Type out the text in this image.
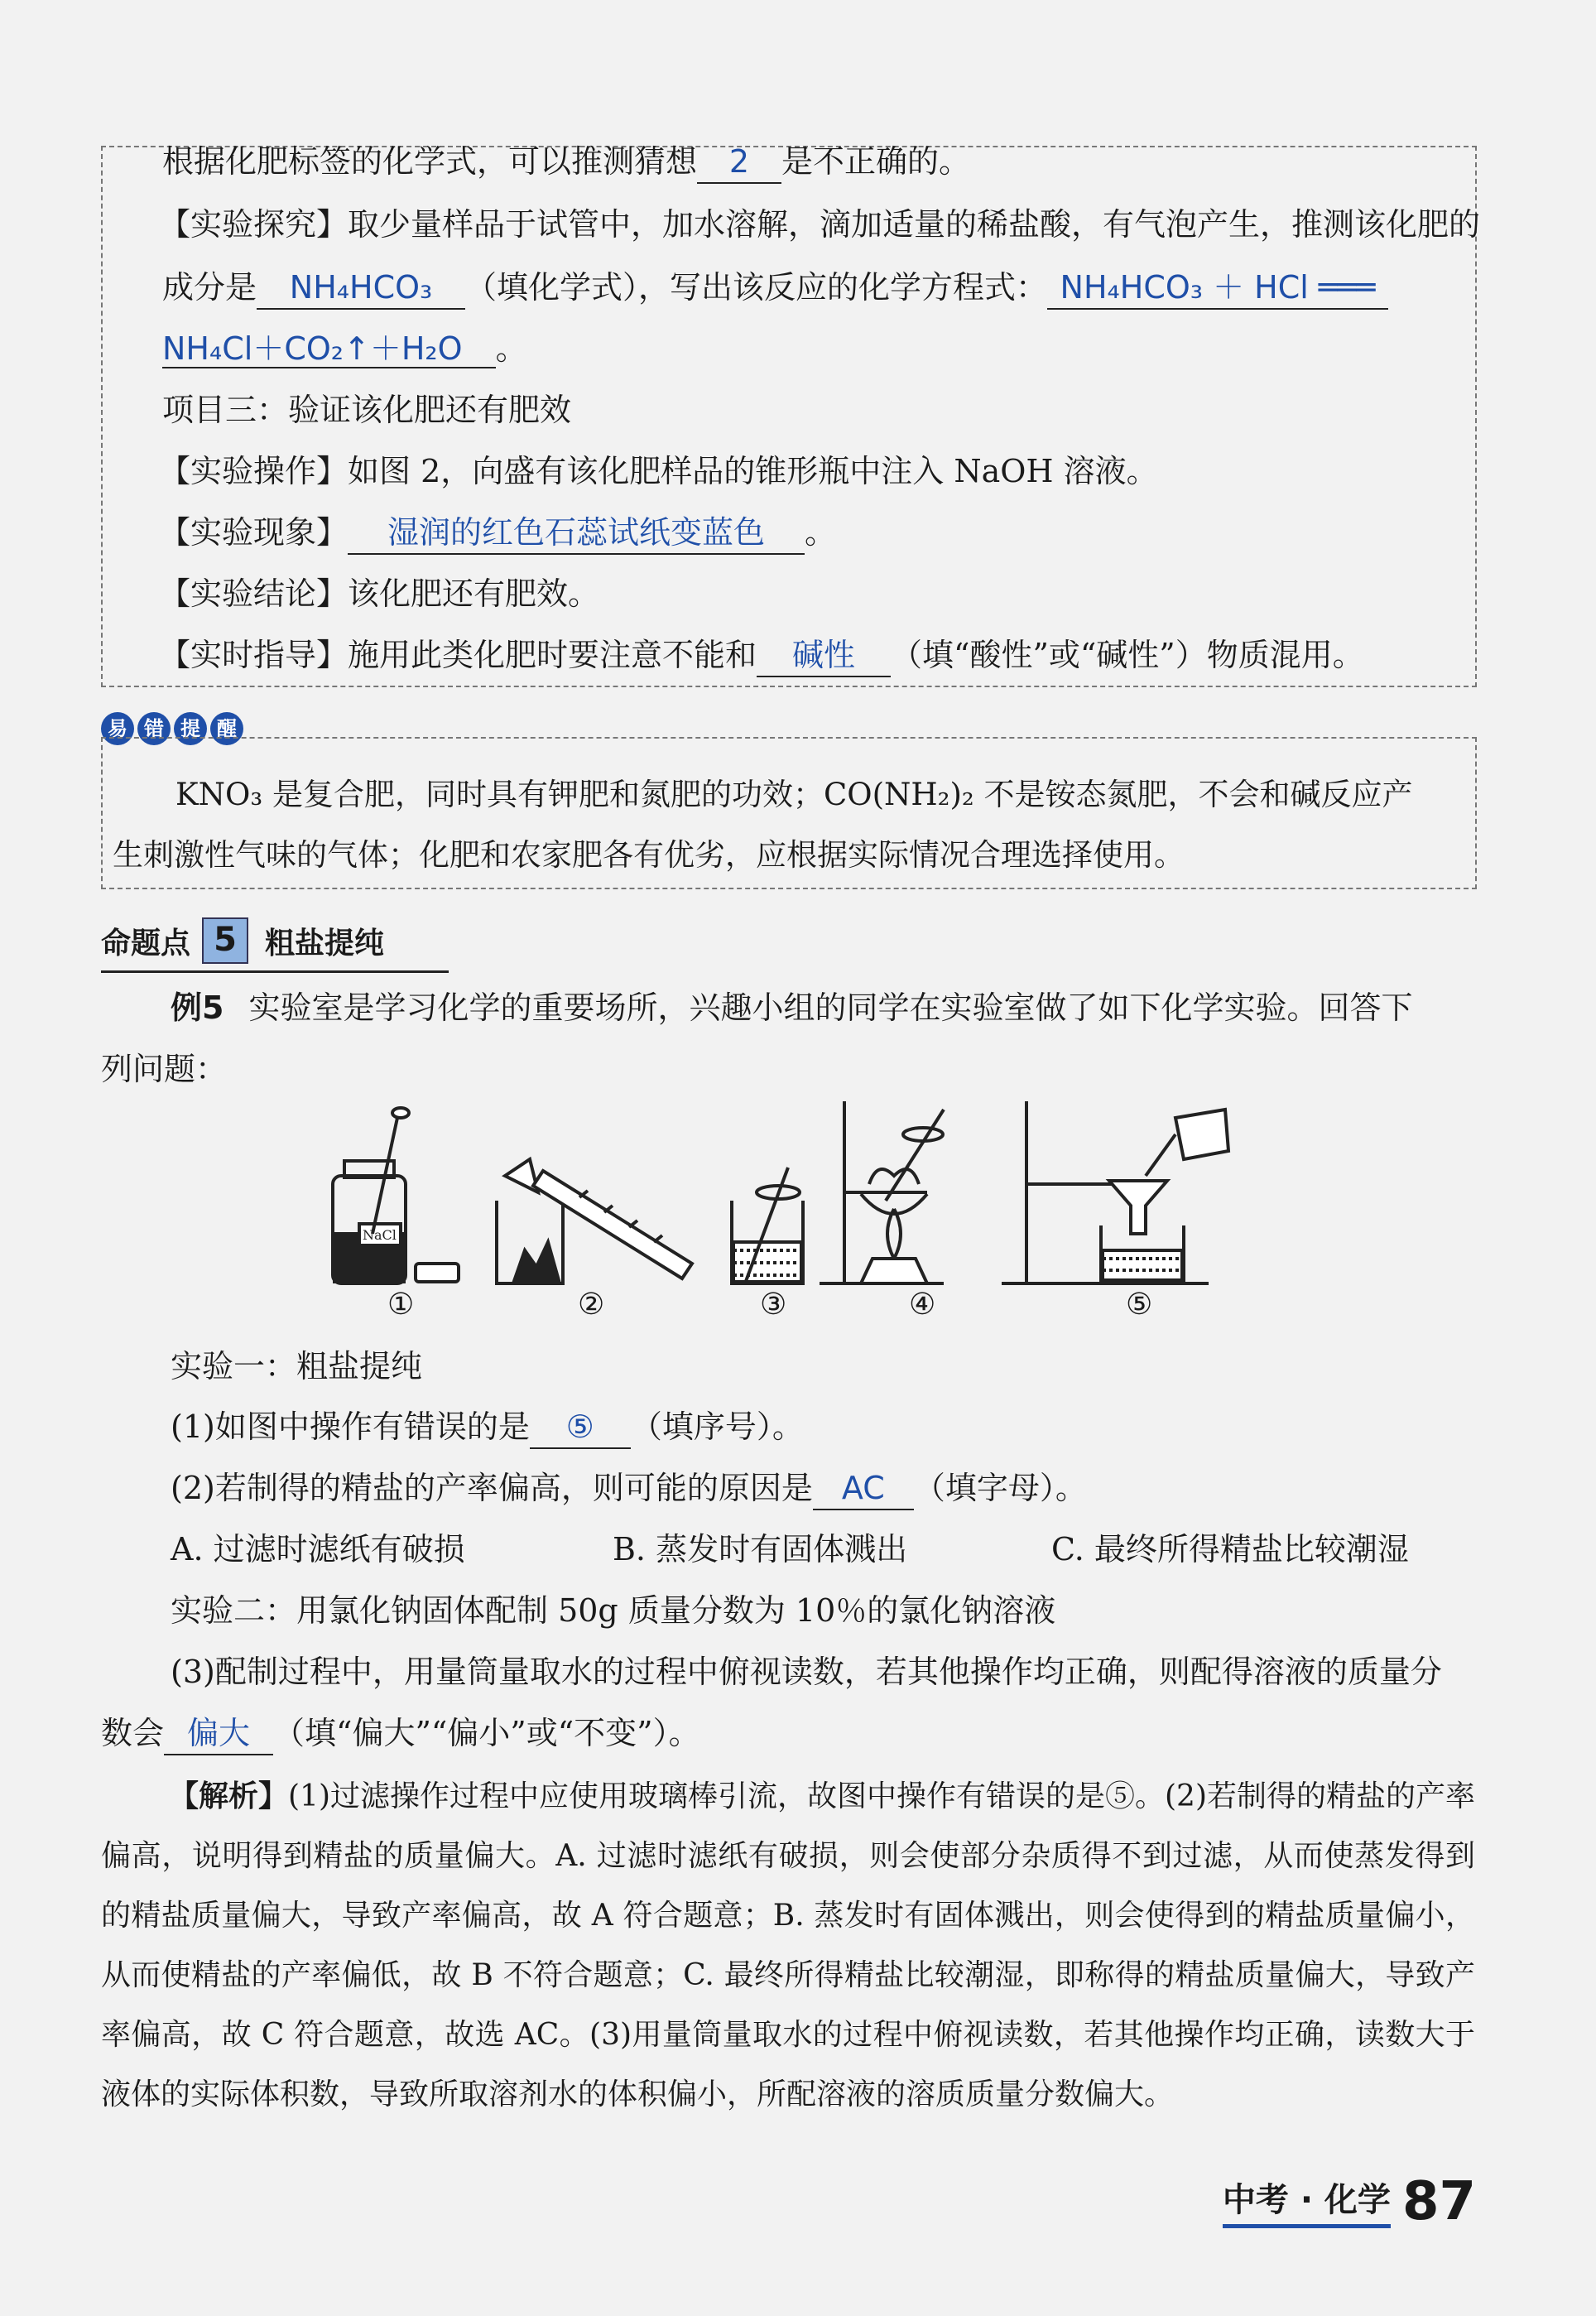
根据化肥标签的化学式，可以推测猜想 2 是不正确的。
【实验探究】取少量样品于试管中，加水溶解，滴加适量的稀盐酸，有气泡产生，推测该化肥的
成分是 NH₄HCO₃ （填化学式），写出该反应的化学方程式： NH₄HCO₃ ＋ HCl ═══
NH₄Cl＋CO₂↑＋H₂O 。
项目三：验证该化肥还有肥效
【实验操作】如图 2，向盛有该化肥样品的锥形瓶中注入 NaOH 溶液。
【实验现象】 湿润的红色石蕊试纸变蓝色 。
【实验结论】该化肥还有肥效。
【实时指导】施用此类化肥时要注意不能和 碱性 （填“酸性”或“碱性”）物质混用。
易 错 提 醒
KNO₃ 是复合肥，同时具有钾肥和氮肥的功效；CO(NH₂)₂ 不是铵态氮肥，不会和碱反应产
生刺激性气味的气体；化肥和农家肥各有优劣，应根据实际情况合理选择使用。
命题点 5 粗盐提纯
例5 实验室是学习化学的重要场所，兴趣小组的同学在实验室做了如下化学实验。回答下
列问题：
NaCl
①	②	③	④	⑤
实验一：粗盐提纯
(1)如图中操作有错误的是 ⑤ （填序号）。
(2)若制得的精盐的产率偏高，则可能的原因是 AC （填字母）。
A. 过滤时滤纸有破损	B. 蒸发时有固体溅出	C. 最终所得精盐比较潮湿
实验二：用氯化钠固体配制 50g 质量分数为 10％的氯化钠溶液
(3)配制过程中，用量筒量取水的过程中俯视读数，若其他操作均正确，则配得溶液的质量分
数会 偏大 （填“偏大”“偏小”或“不变”）。
【解析】(1)过滤操作过程中应使用玻璃棒引流，故图中操作有错误的是⑤。(2)若制得的精盐的产率偏高，说明得到精盐的质量偏大。A. 过滤时滤纸有破损，则会使部分杂质得不到过滤，从而使蒸发得到的精盐质量偏大，导致产率偏高，故 A 符合题意；B. 蒸发时有固体溅出，则会使得到的精盐质量偏小，从而使精盐的产率偏低，故 B 不符合题意；C. 最终所得精盐比较潮湿，即称得的精盐质量偏大，导致产率偏高，故 C 符合题意，故选 AC。(3)用量筒量取水的过程中俯视读数，若其他操作均正确，读数大于液体的实际体积数，导致所取溶剂水的体积偏小，所配溶液的溶质质量分数偏大。
中考 · 化学 87
